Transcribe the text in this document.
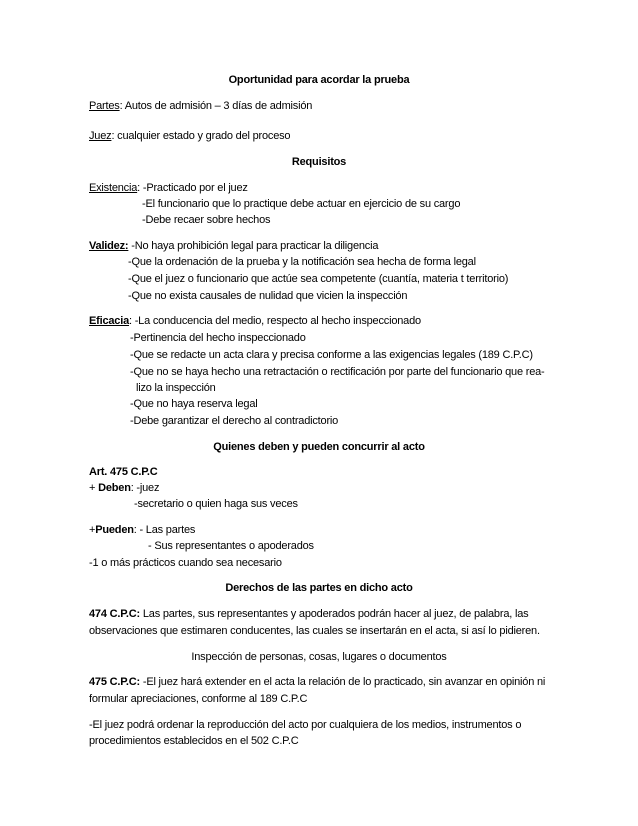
Oportunidad para acordar la prueba
Partes: Autos de admisión – 3 días de admisión
Juez: cualquier estado y grado del proceso
Requisitos
Existencia: -Practicado por el juez
-El funcionario que lo practique debe actuar en ejercicio de su cargo
-Debe recaer sobre hechos
Validez: -No haya prohibición legal para practicar la diligencia
-Que la ordenación de la prueba y la notificación sea hecha de forma legal
-Que el juez o funcionario que actúe sea competente (cuantía, materia t territorio)
-Que no exista causales de nulidad que vicien la inspección
Eficacia: -La conducencia del medio, respecto al hecho inspeccionado
-Pertinencia del hecho inspeccionado
-Que se redacte un acta clara y precisa conforme a las exigencias legales (189 C.P.C)
-Que no se haya hecho una retractación o rectificación por parte del funcionario que rea-
lizo la inspección
-Que no haya reserva legal
-Debe garantizar el derecho al contradictorio
Quienes deben y pueden concurrir al acto
Art. 475 C.P.C
+ Deben: -juez
-secretario o quien haga sus veces
+Pueden: - Las partes
- Sus representantes o apoderados
-1 o más prácticos cuando sea necesario
Derechos de las partes en dicho acto
474 C.P.C: Las partes, sus representantes y apoderados podrán hacer al juez, de palabra, las
observaciones que estimaren conducentes, las cuales se insertarán en el acta, si así lo pidieren.
Inspección de personas, cosas, lugares o documentos
475 C.P.C: -El juez hará extender en el acta la relación de lo practicado, sin avanzar en opinión ni
formular apreciaciones, conforme al 189 C.P.C
-El juez podrá ordenar la reproducción del acto por cualquiera de los medios, instrumentos o
procedimientos establecidos en el 502 C.P.C
